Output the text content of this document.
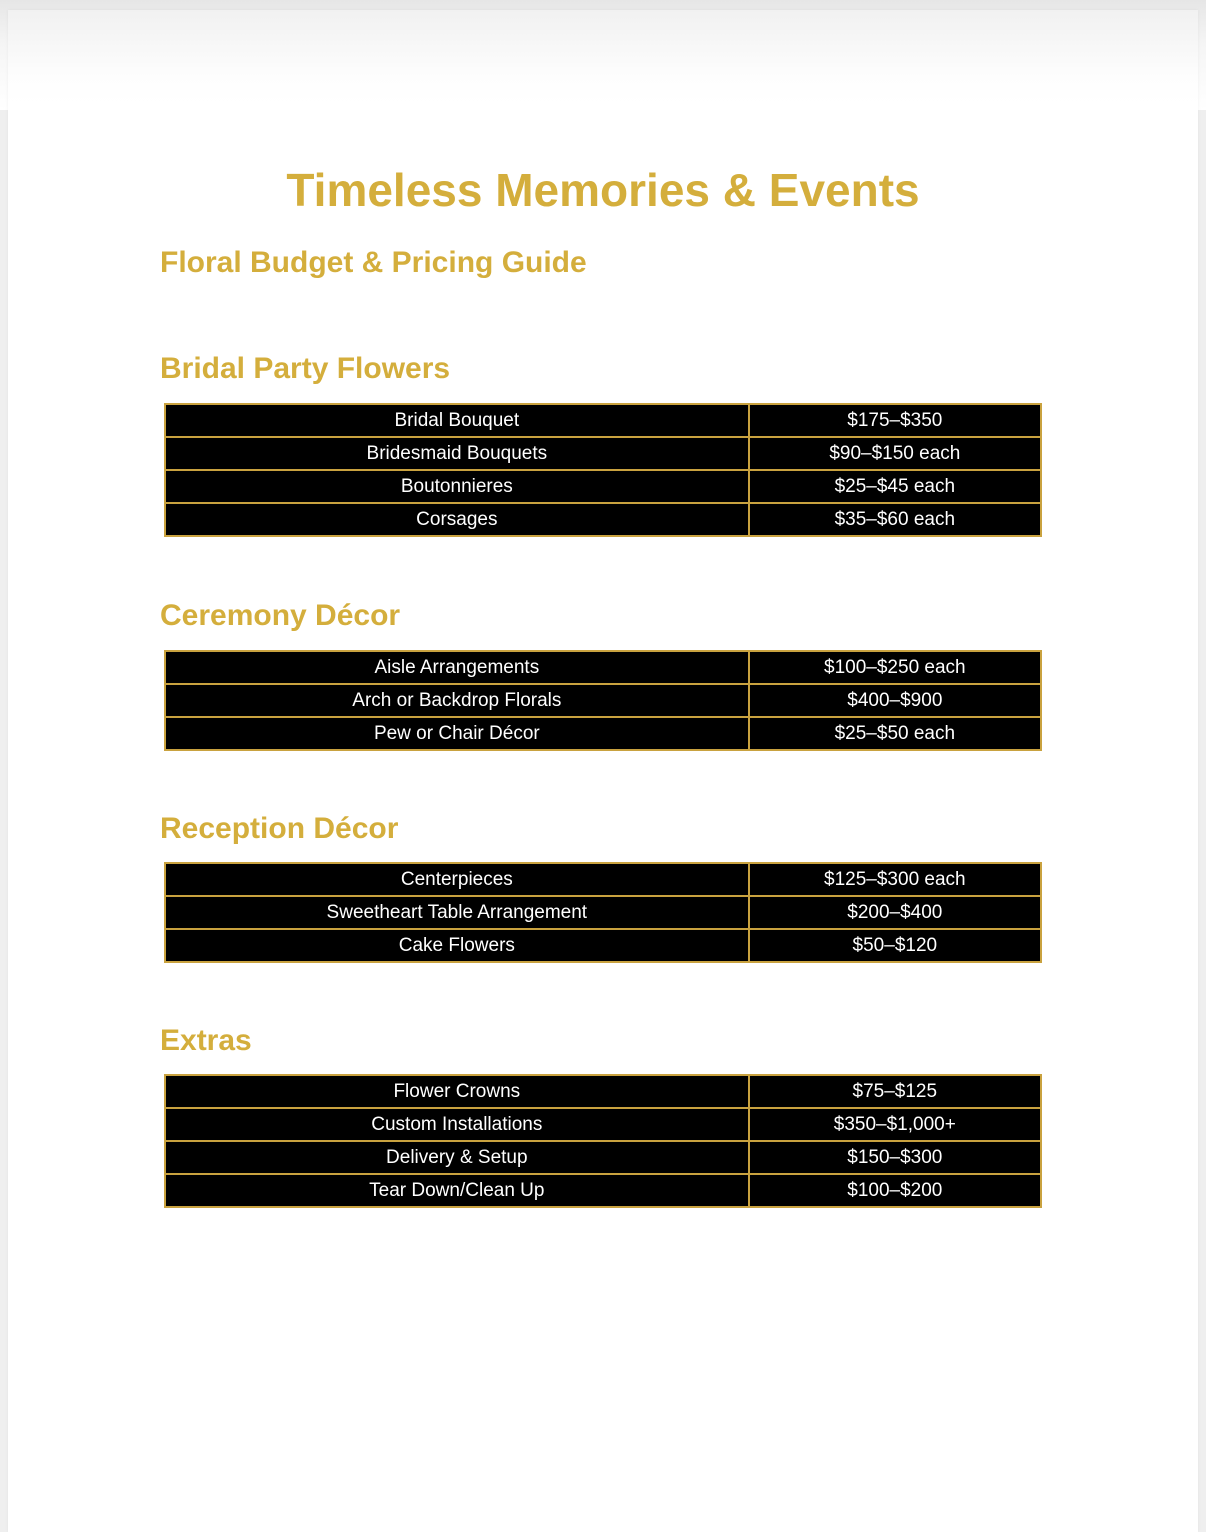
Timeless Memories & Events
Floral Budget & Pricing Guide
Bridal Party Flowers
Bridal Bouquet	$175–$350
Bridesmaid Bouquets	$90–$150 each
Boutonnieres	$25–$45 each
Corsages	$35–$60 each
Ceremony Décor
Aisle Arrangements	$100–$250 each
Arch or Backdrop Florals	$400–$900
Pew or Chair Décor	$25–$50 each
Reception Décor
Centerpieces	$125–$300 each
Sweetheart Table Arrangement	$200–$400
Cake Flowers	$50–$120
Extras
Flower Crowns	$75–$125
Custom Installations	$350–$1,000+
Delivery & Setup	$150–$300
Tear Down/Clean Up	$100–$200
